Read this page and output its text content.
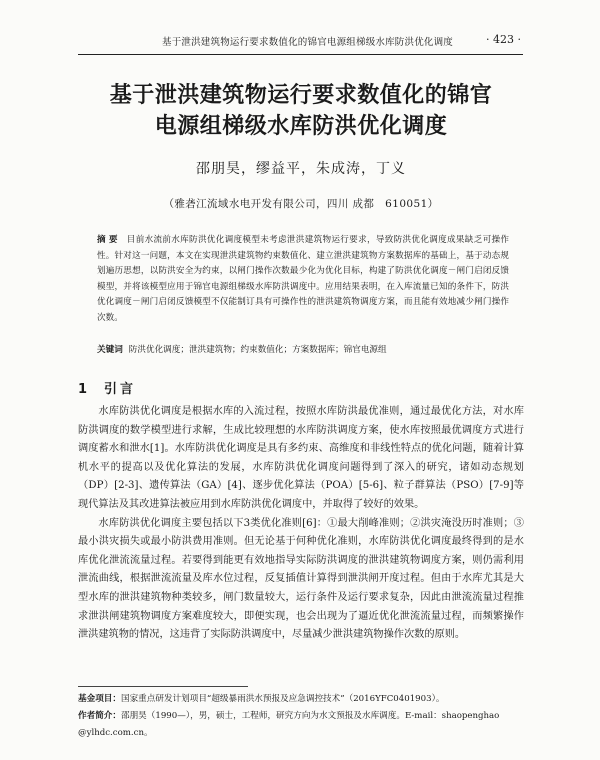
基于泄洪建筑物运行要求数值化的锦官电源组梯级水库防洪优化调度	· 423 ·
基于泄洪建筑物运行要求数值化的锦官
电源组梯级水库防洪优化调度
邵朋昊，缪益平，朱成涛，丁义
（雅砻江流域水电开发有限公司，四川 成都　610051）
摘要 目前水流前水库防洪优化调度模型未考虑泄洪建筑物运行要求，导致防洪优化调度成果缺乏可操作性。针对这一问题，本文在实现泄洪建筑物约束数值化、建立泄洪建筑物方案数据库的基础上，基于动态规划遍历思想，以防洪安全为约束，以闸门操作次数最少化为优化目标，构建了防洪优化调度－闸门启闭反馈模型，并将该模型应用于锦官电源组梯级水库防洪调度中。应用结果表明，在入库流量已知的条件下，防洪优化调度－闸门启闭反馈模型不仅能制订具有可操作性的泄洪建筑物调度方案，而且能有效地减少闸门操作次数。
关键词 防洪优化调度；泄洪建筑物；约束数值化；方案数据库；锦官电源组
1 引言

水库防洪优化调度是根据水库的入流过程，按照水库防洪最优准则，通过最优化方法，对水库防洪调度的数学模型进行求解，生成比较理想的水库防洪调度方案，使水库按照最优调度方式进行调度蓄水和泄水[1]。水库防洪优化调度是具有多约束、高维度和非线性特点的优化问题，随着计算机水平的提高以及优化算法的发展，水库防洪优化调度问题得到了深入的研究，诸如动态规划（DP）[2-3]、遗传算法（GA）[4]、逐步优化算法（POA）[5-6]、粒子群算法（PSO）[7-9]等现代算法及其改进算法被应用到水库防洪优化调度中，并取得了较好的效果。

水库防洪优化调度主要包括以下3类优化准则[6]：①最大削峰准则；②洪灾淹没历时准则；③最小洪灾损失或最小防洪费用准则。但无论基于何种优化准则，水库防洪优化调度最终得到的是水库优化泄流流量过程。若要得到能更有效地指导实际防洪调度的泄洪建筑物调度方案，则仍需利用泄流曲线，根据泄流流量及库水位过程，反复插值计算得到泄洪闸开度过程。但由于水库尤其是大型水库的泄洪建筑物种类较多，闸门数量较大，运行条件及运行要求复杂，因此由泄流流量过程推求泄洪闸建筑物调度方案难度较大，即便实现，也会出现为了逼近优化泄流流量过程，而频繁操作泄洪建筑物的情况，这违背了实际防洪调度中，尽量减少泄洪建筑物操作次数的原则。

基金项目：国家重点研发计划项目“超级暴雨洪水预报及应急调控技术”（2016YFC0401903）。
作者简介：邵朋昊（1990—），男，硕士，工程师，研究方向为水文预报及水库调度。E-mail：shaopenghao
@ylhdc.com.cn。
